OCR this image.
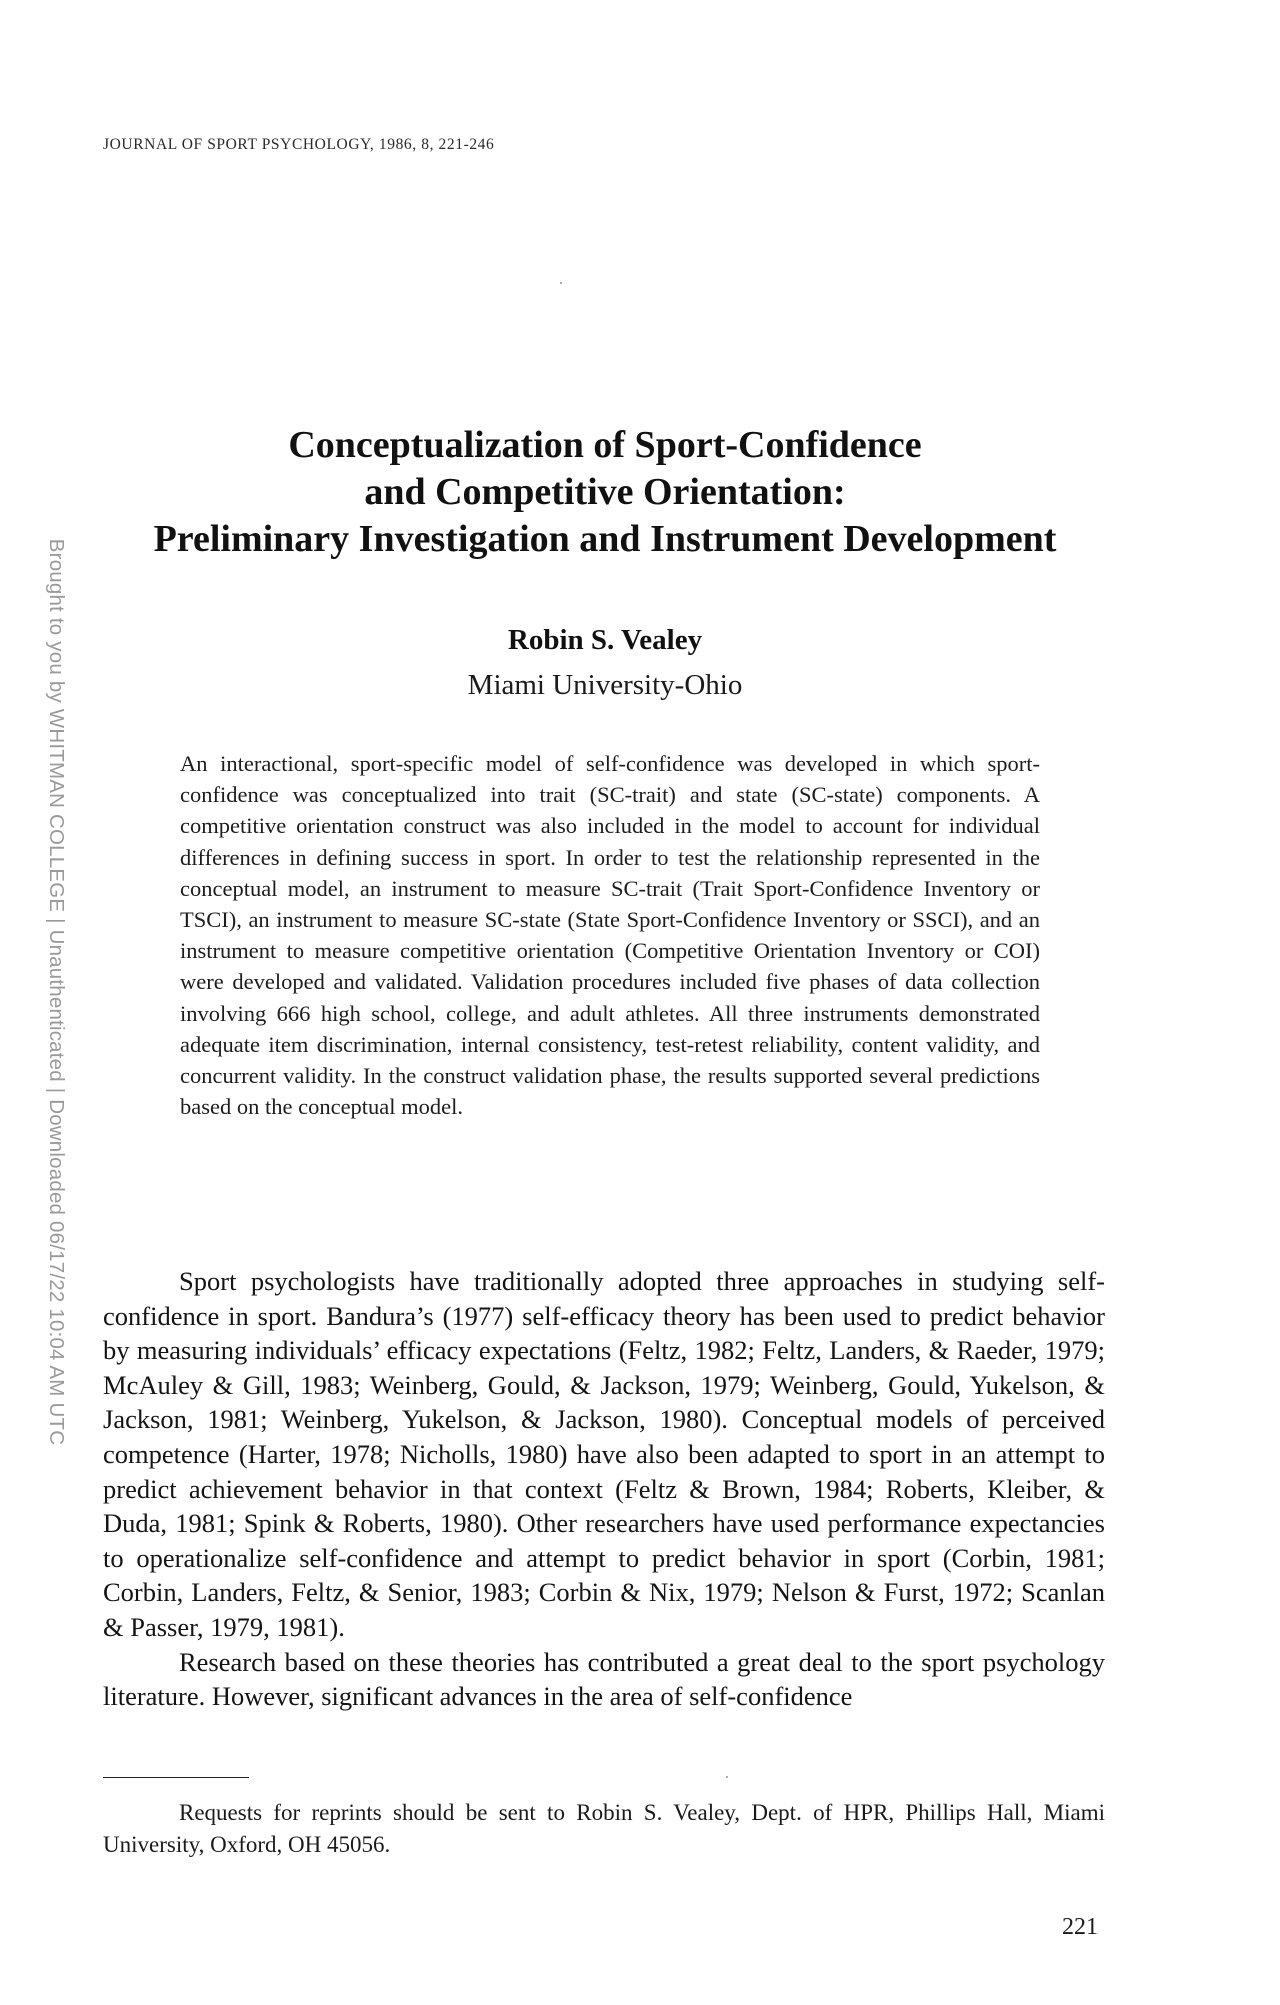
JOURNAL OF SPORT PSYCHOLOGY, 1986, 8, 221-246
Conceptualization of Sport-Confidence
and Competitive Orientation:
Preliminary Investigation and Instrument Development
Robin S. Vealey
Miami University-Ohio
An interactional, sport-specific model of self-confidence was developed in which sport-confidence was conceptualized into trait (SC-trait) and state (SC-state) components. A competitive orientation construct was also included in the model to account for individual differences in defining success in sport. In order to test the relationship represented in the conceptual model, an instrument to measure SC-trait (Trait Sport-Confidence Inventory or TSCI), an instrument to measure SC-state (State Sport-Confidence Inventory or SSCI), and an instrument to measure competitive orientation (Competitive Orientation Inventory or COI) were developed and validated. Validation procedures included five phases of data collection involving 666 high school, college, and adult athletes. All three instruments demonstrated adequate item discrimination, internal consistency, test-retest reliability, content validity, and concurrent validity. In the construct validation phase, the results supported several predictions based on the conceptual model.

Sport psychologists have traditionally adopted three approaches in studying self-confidence in sport. Bandura’s (1977) self-efficacy theory has been used to predict behavior by measuring individuals’ efficacy expectations (Feltz, 1982; Feltz, Landers, & Raeder, 1979; McAuley & Gill, 1983; Weinberg, Gould, & Jackson, 1979; Weinberg, Gould, Yukelson, & Jackson, 1981; Weinberg, Yukelson, & Jackson, 1980). Conceptual models of perceived competence (Harter, 1978; Nicholls, 1980) have also been adapted to sport in an attempt to predict achievement behavior in that context (Feltz & Brown, 1984; Roberts, Kleiber, & Duda, 1981; Spink & Roberts, 1980). Other researchers have used performance expectancies to operationalize self-confidence and attempt to predict behavior in sport (Corbin, 1981; Corbin, Landers, Feltz, & Senior, 1983; Corbin & Nix, 1979; Nelson & Furst, 1972; Scanlan & Passer, 1979, 1981).

Research based on these theories has contributed a great deal to the sport psychology literature. However, significant advances in the area of self-confidence

Requests for reprints should be sent to Robin S. Vealey, Dept. of HPR, Phillips Hall, Miami University, Oxford, OH 45056.
221
Brought to you by WHITMAN COLLEGE | Unauthenticated | Downloaded 06/17/22 10:04 AM UTC
